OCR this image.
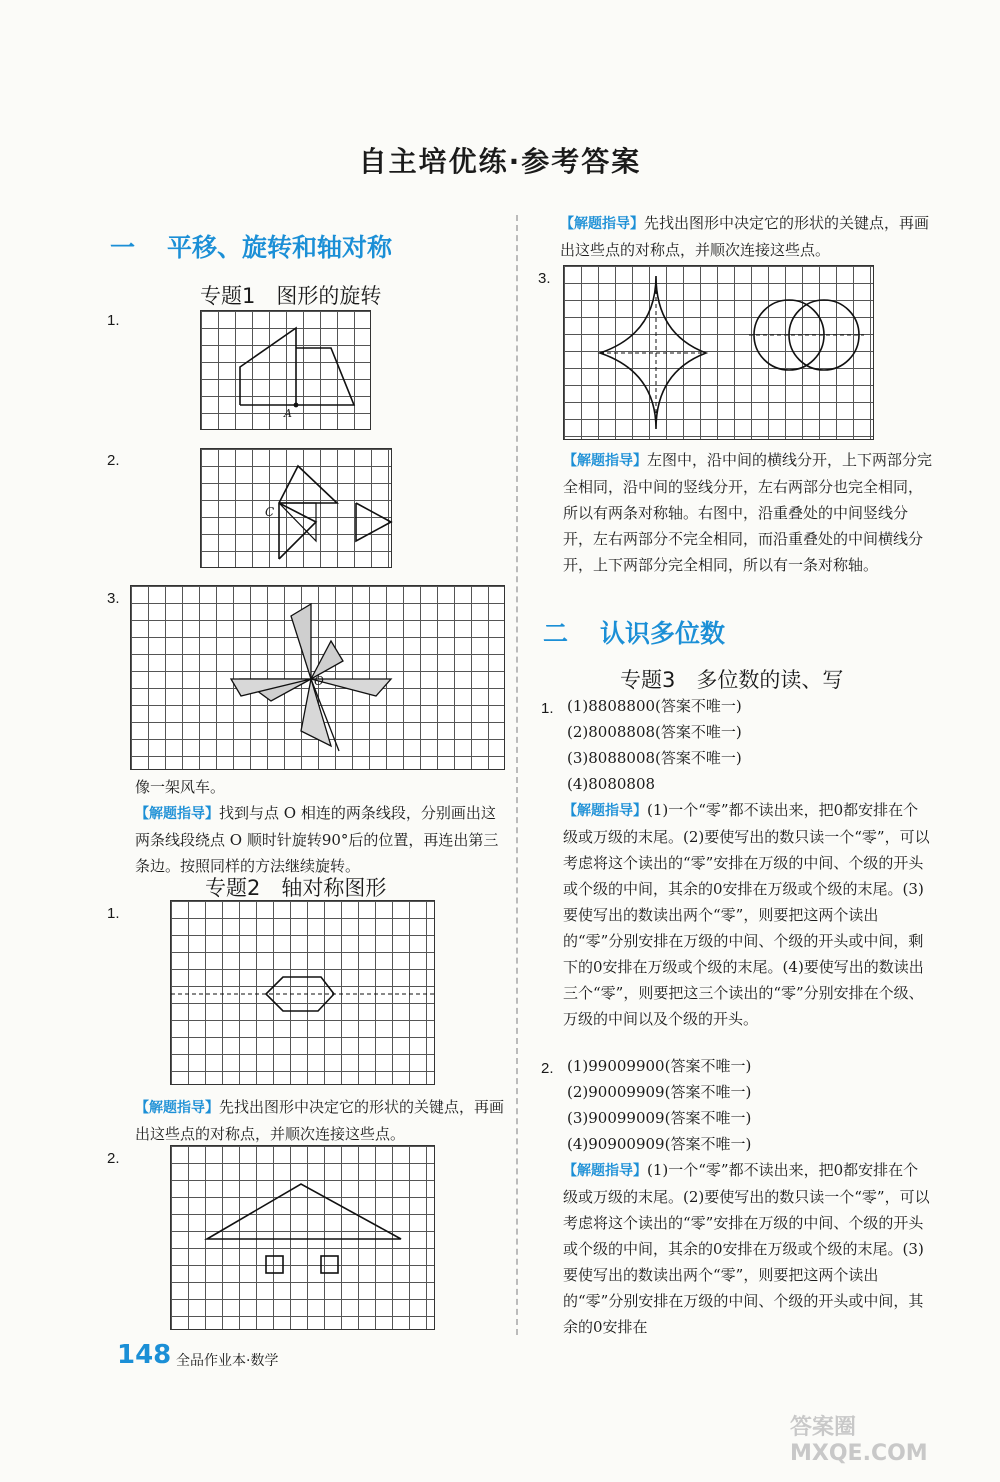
自主培优练·参考答案
一 平移、旋转和轴对称
专题1　图形的旋转
1.
A
2.
C
3.
O
像一架风车。
【解题指导】找到与点 O 相连的两条线段，分别画出这两条线段绕点 O 顺时针旋转90°后的位置，再连出第三条边。按照同样的方法继续旋转。
专题2　轴对称图形
1.
【解题指导】先找出图形中决定它的形状的关键点，再画出这些点的对称点，并顺次连接这些点。
2.
【解题指导】先找出图形中决定它的形状的关键点，再画出这些点的对称点，并顺次连接这些点。
3.
【解题指导】左图中，沿中间的横线分开，上下两部分完全相同，沿中间的竖线分开，左右两部分也完全相同，所以有两条对称轴。右图中，沿重叠处的中间竖线分开，左右两部分不完全相同，而沿重叠处的中间横线分开，上下两部分完全相同，所以有一条对称轴。
二 认识多位数
专题3　多位数的读、写
1. (1)8808800(答案不唯一)
(2)8008808(答案不唯一)
(3)8088008(答案不唯一)
(4)8080808
【解题指导】(1)一个“零”都不读出来，把0都安排在个级或万级的末尾。(2)要使写出的数只读一个“零”，可以考虑将这个读出的“零”安排在万级的中间、个级的开头或个级的中间，其余的0安排在万级或个级的末尾。(3)要使写出的数读出两个“零”，则要把这两个读出的“零”分别安排在万级的中间、个级的开头或中间，剩下的0安排在万级或个级的末尾。(4)要使写出的数读出三个“零”，则要把这三个读出的“零”分别安排在个级、万级的中间以及个级的开头。
2. (1)99009900(答案不唯一)
(2)90009909(答案不唯一)
(3)90099009(答案不唯一)
(4)90900909(答案不唯一)
【解题指导】(1)一个“零”都不读出来，把0都安排在个级或万级的末尾。(2)要使写出的数只读一个“零”，可以考虑将这个读出的“零”安排在万级的中间、个级的开头或个级的中间，其余的0安排在万级或个级的末尾。(3)要使写出的数读出两个“零”，则要把这两个读出的“零”分别安排在万级的中间、个级的开头或中间，其余的0安排在
148 全品作业本·数学
答案圈 MXQE.COM
